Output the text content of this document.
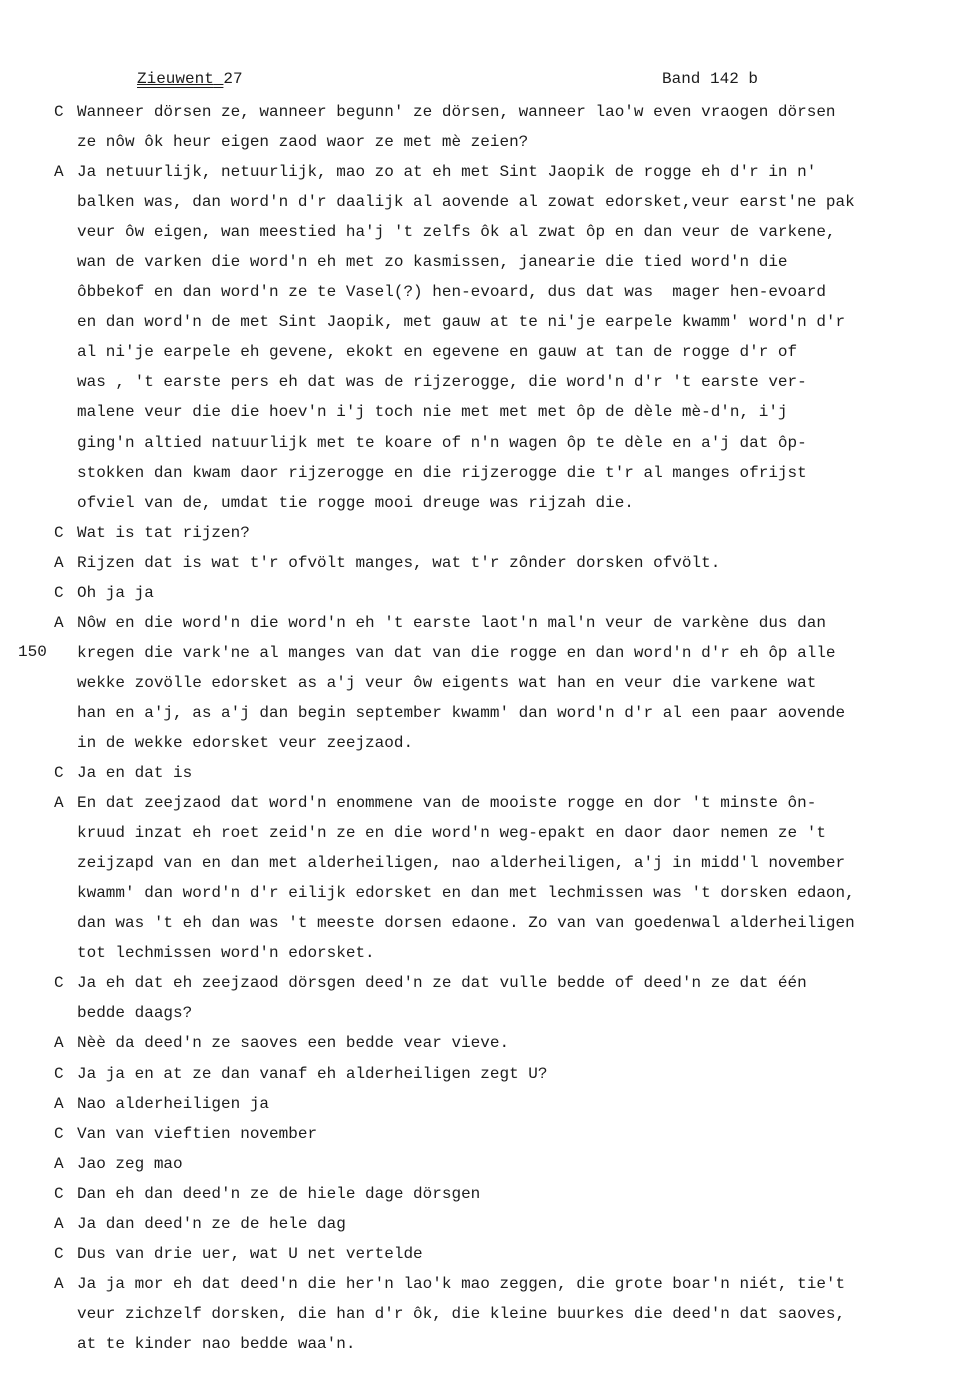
Zieuwent 27	Band 142 b
150
C Wanneer dörsen ze, wanneer begunn' ze dörsen, wanneer lao'w even vraogen dörsen
ze nôw ôk heur eigen zaod waor ze met mè zeien?
A Ja netuurlijk, netuurlijk, mao zo at eh met Sint Jaopik de rogge eh d'r in n'
balken was, dan word'n d'r daalijk al aovende al zowat edorsket,veur earst'ne pak
veur ôw eigen, wan meestied ha'j 't zelfs ôk al zwat ôp en dan veur de varkene,
wan de varken die word'n eh met zo kasmissen, janearie die tied word'n die
ôbbekof en dan word'n ze te Vasel(?) hen-evoard, dus dat was  mager hen-evoard
en dan word'n de met Sint Jaopik, met gauw at te ni'je earpele kwamm' word'n d'r
al ni'je earpele eh gevene, ekokt en egevene en gauw at tan de rogge d'r of
was , 't earste pers eh dat was de rijzerogge, die word'n d'r 't earste ver-
malene veur die die hoev'n i'j toch nie met met met ôp de dèle mè-d'n, i'j
ging'n altied natuurlijk met te koare of n'n wagen ôp te dèle en a'j dat ôp-
stokken dan kwam daor rijzerogge en die rijzerogge die t'r al manges ofrijst
ofviel van de, umdat tie rogge mooi dreuge was rijzah die.
C Wat is tat rijzen?
A Rijzen dat is wat t'r ofvölt manges, wat t'r zônder dorsken ofvölt.
C Oh ja ja
A Nôw en die word'n die word'n eh 't earste laot'n mal'n veur de varkène dus dan
kregen die vark'ne al manges van dat van die rogge en dan word'n d'r eh ôp alle
wekke zovölle edorsket as a'j veur ôw eigents wat han en veur die varkene wat
han en a'j, as a'j dan begin september kwamm' dan word'n d'r al een paar aovende
in de wekke edorsket veur zeejzaod.
C Ja en dat is
A En dat zeejzaod dat word'n enommene van de mooiste rogge en dor 't minste ôn-
kruud inzat eh roet zeid'n ze en die word'n weg-epakt en daor daor nemen ze 't
zeijzapd van en dan met alderheiligen, nao alderheiligen, a'j in midd'l november
kwamm' dan word'n d'r eilijk edorsket en dan met lechmissen was 't dorsken edaon,
dan was 't eh dan was 't meeste dorsen edaone. Zo van van goedenwal alderheiligen
tot lechmissen word'n edorsket.
C Ja eh dat eh zeejzaod dörsgen deed'n ze dat vulle bedde of deed'n ze dat één
bedde daags?
A Nèè da deed'n ze saoves een bedde vear vieve.
C Ja ja en at ze dan vanaf eh alderheiligen zegt U?
A Nao alderheiligen ja
C Van van vieftien november
A Jao zeg mao
C Dan eh dan deed'n ze de hiele dage dörsgen
A Ja dan deed'n ze de hele dag
C Dus van drie uer, wat U net vertelde
A Ja ja mor eh dat deed'n die her'n lao'k mao zeggen, die grote boar'n niét, tie't
veur zichzelf dorsken, die han d'r ôk, die kleine buurkes die deed'n dat saoves,
at te kinder nao bedde waa'n.
